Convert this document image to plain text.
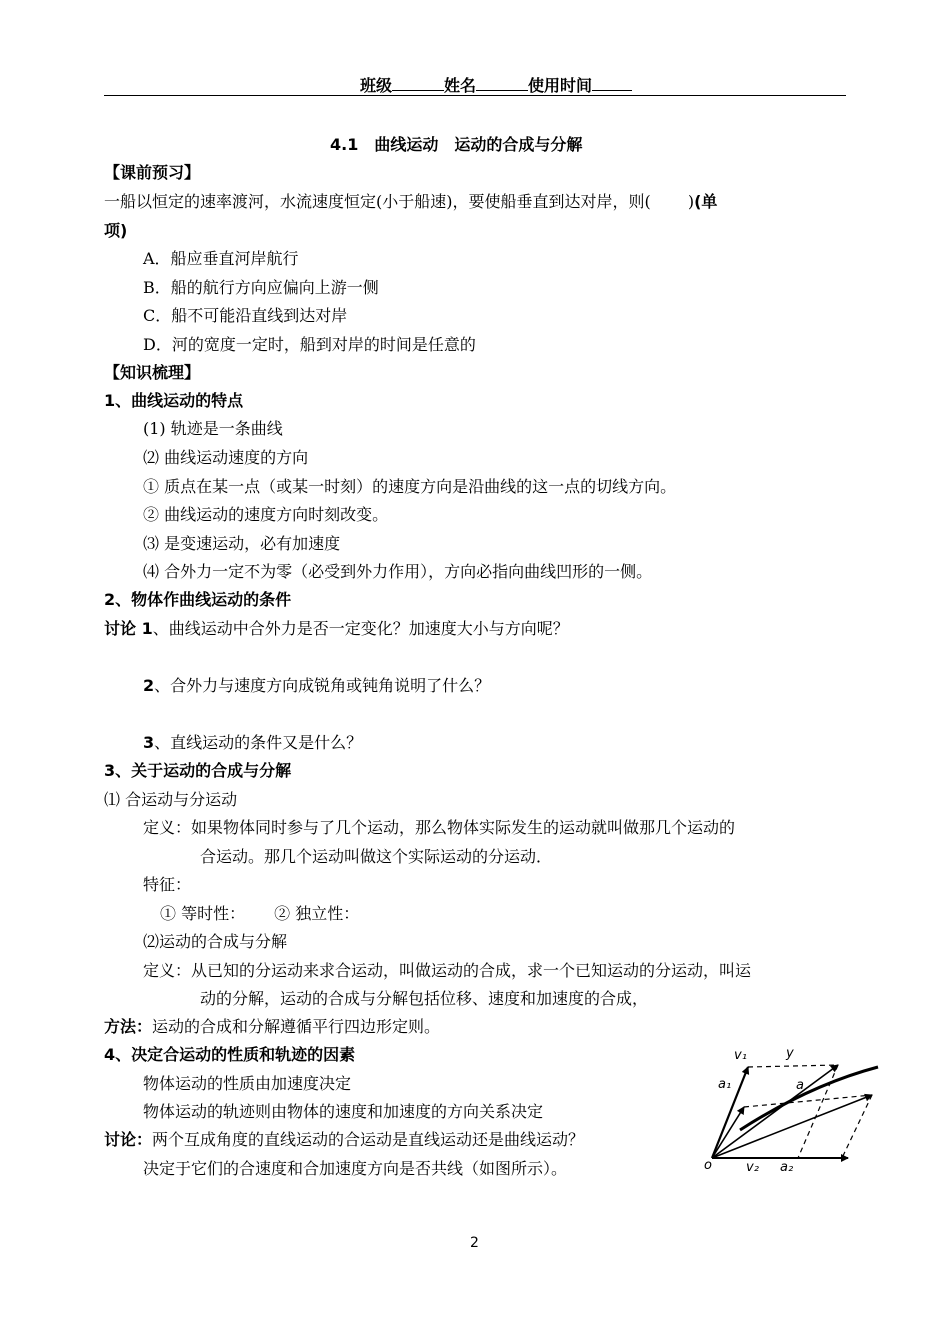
班级	姓名	使用时间
4.1　曲线运动　运动的合成与分解
【课前预习】
一船以恒定的速率渡河，水流速度恒定(小于船速)，要使船垂直到达对岸，则(　　 )(单
项)
A．船应垂直河岸航行
B．船的航行方向应偏向上游一侧
C．船不可能沿直线到达对岸
D．河的宽度一定时，船到对岸的时间是任意的
【知识梳理】
1、曲线运动的特点
(1) 轨迹是一条曲线
⑵ 曲线运动速度的方向
① 质点在某一点（或某一时刻）的速度方向是沿曲线的这一点的切线方向。
② 曲线运动的速度方向时刻改变。
⑶ 是变速运动，必有加速度
⑷ 合外力一定不为零（必受到外力作用），方向必指向曲线凹形的一侧。
2、物体作曲线运动的条件
讨论 1、曲线运动中合外力是否一定变化？加速度大小与方向呢？
2、合外力与速度方向成锐角或钝角说明了什么？
3、直线运动的条件又是什么？
3、关于运动的合成与分解
⑴ 合运动与分运动
定义：如果物体同时参与了几个运动，那么物体实际发生的运动就叫做那几个运动的
合运动。那几个运动叫做这个实际运动的分运动．
特征：
① 等时性：　　 ② 独立性：
⑵运动的合成与分解
定义：从已知的分运动来求合运动，叫做运动的合成，求一个已知运动的分运动，叫运
动的分解，运动的合成与分解包括位移、速度和加速度的合成，
方法：运动的合成和分解遵循平行四边形定则。
4、决定合运动的性质和轨迹的因素
物体运动的性质由加速度决定
物体运动的轨迹则由物体的速度和加速度的方向关系决定
讨论：两个互成角度的直线运动的合运动是直线运动还是曲线运动？
决定于它们的合速度和合加速度方向是否共线（如图所示）。
v₁	y
a₁	a
o	v₂ a₂
2
